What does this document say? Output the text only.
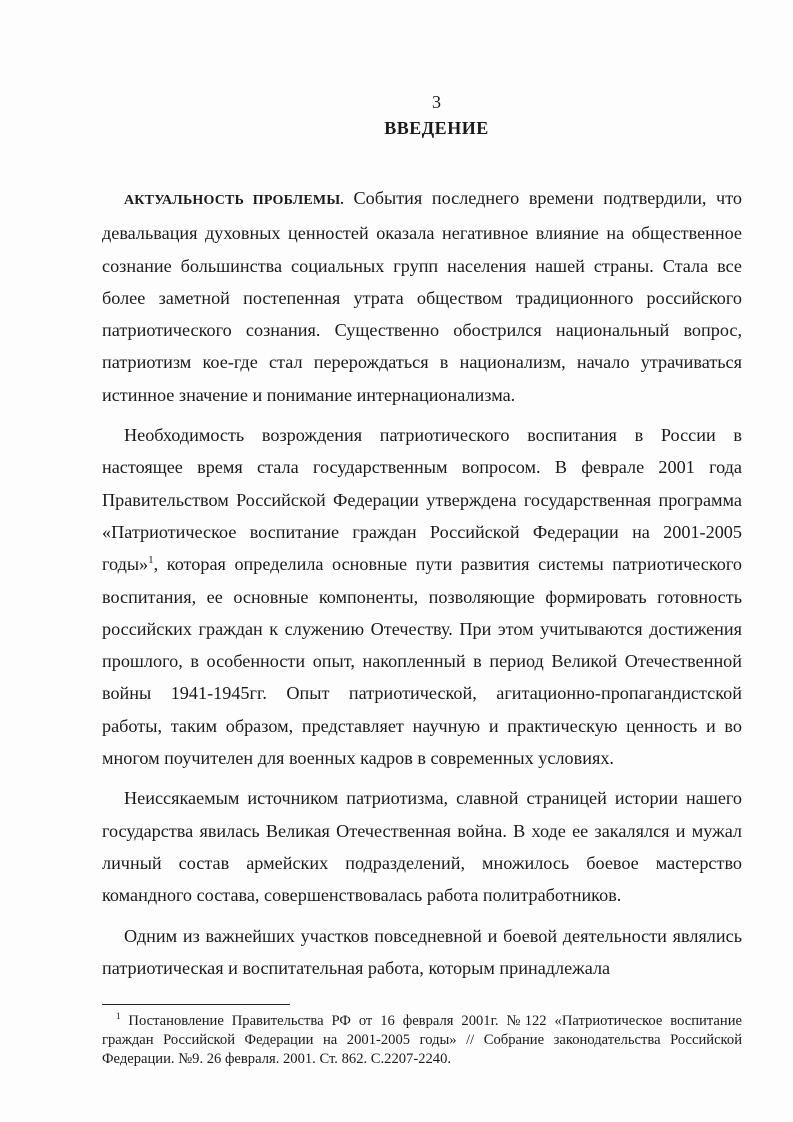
3
ВВЕДЕНИЕ

АКТУАЛЬНОСТЬ ПРОБЛЕМЫ. События последнего времени подтвердили, что девальвация духовных ценностей оказала негативное влияние на общественное сознание большинства социальных групп населения нашей страны. Стала все более заметной постепенная утрата обществом традиционного российского патриотического сознания. Существенно обострился национальный вопрос, патриотизм кое-где стал перерождаться в национализм, начало утрачиваться истинное значение и понимание интернационализма.

Необходимость возрождения патриотического воспитания в России в настоящее время стала государственным вопросом. В феврале 2001 года Правительством Российской Федерации утверждена государственная программа «Патриотическое воспитание граждан Российской Федерации на 2001-2005 годы»$^1$, которая определила основные пути развития системы патриотического воспитания, ее основные компоненты, позволяющие формировать готовность российских граждан к служению Отечеству. При этом учитываются достижения прошлого, в особенности опыт, накопленный в период Великой Отечественной войны 1941-1945гг. Опыт патриотической, агитационно-пропагандистской работы, таким образом, представляет научную и практическую ценность и во многом поучителен для военных кадров в современных условиях.

Неиссякаемым источником патриотизма, славной страницей истории нашего государства явилась Великая Отечественная война. В ходе ее закалялся и мужал личный состав армейских подразделений, множилось боевое мастерство командного состава, совершенствовалась работа политработников.

Одним из важнейших участков повседневной и боевой деятельности являлись патриотическая и воспитательная работа, которым принадлежала

$^1$ Постановление Правительства РФ от 16 февраля 2001г. №122 «Патриотическое воспитание граждан Российской Федерации на 2001-2005 годы» // Собрание законодательства Российской Федерации. №9. 26 февраля. 2001. Ст. 862. С.2207-2240.
